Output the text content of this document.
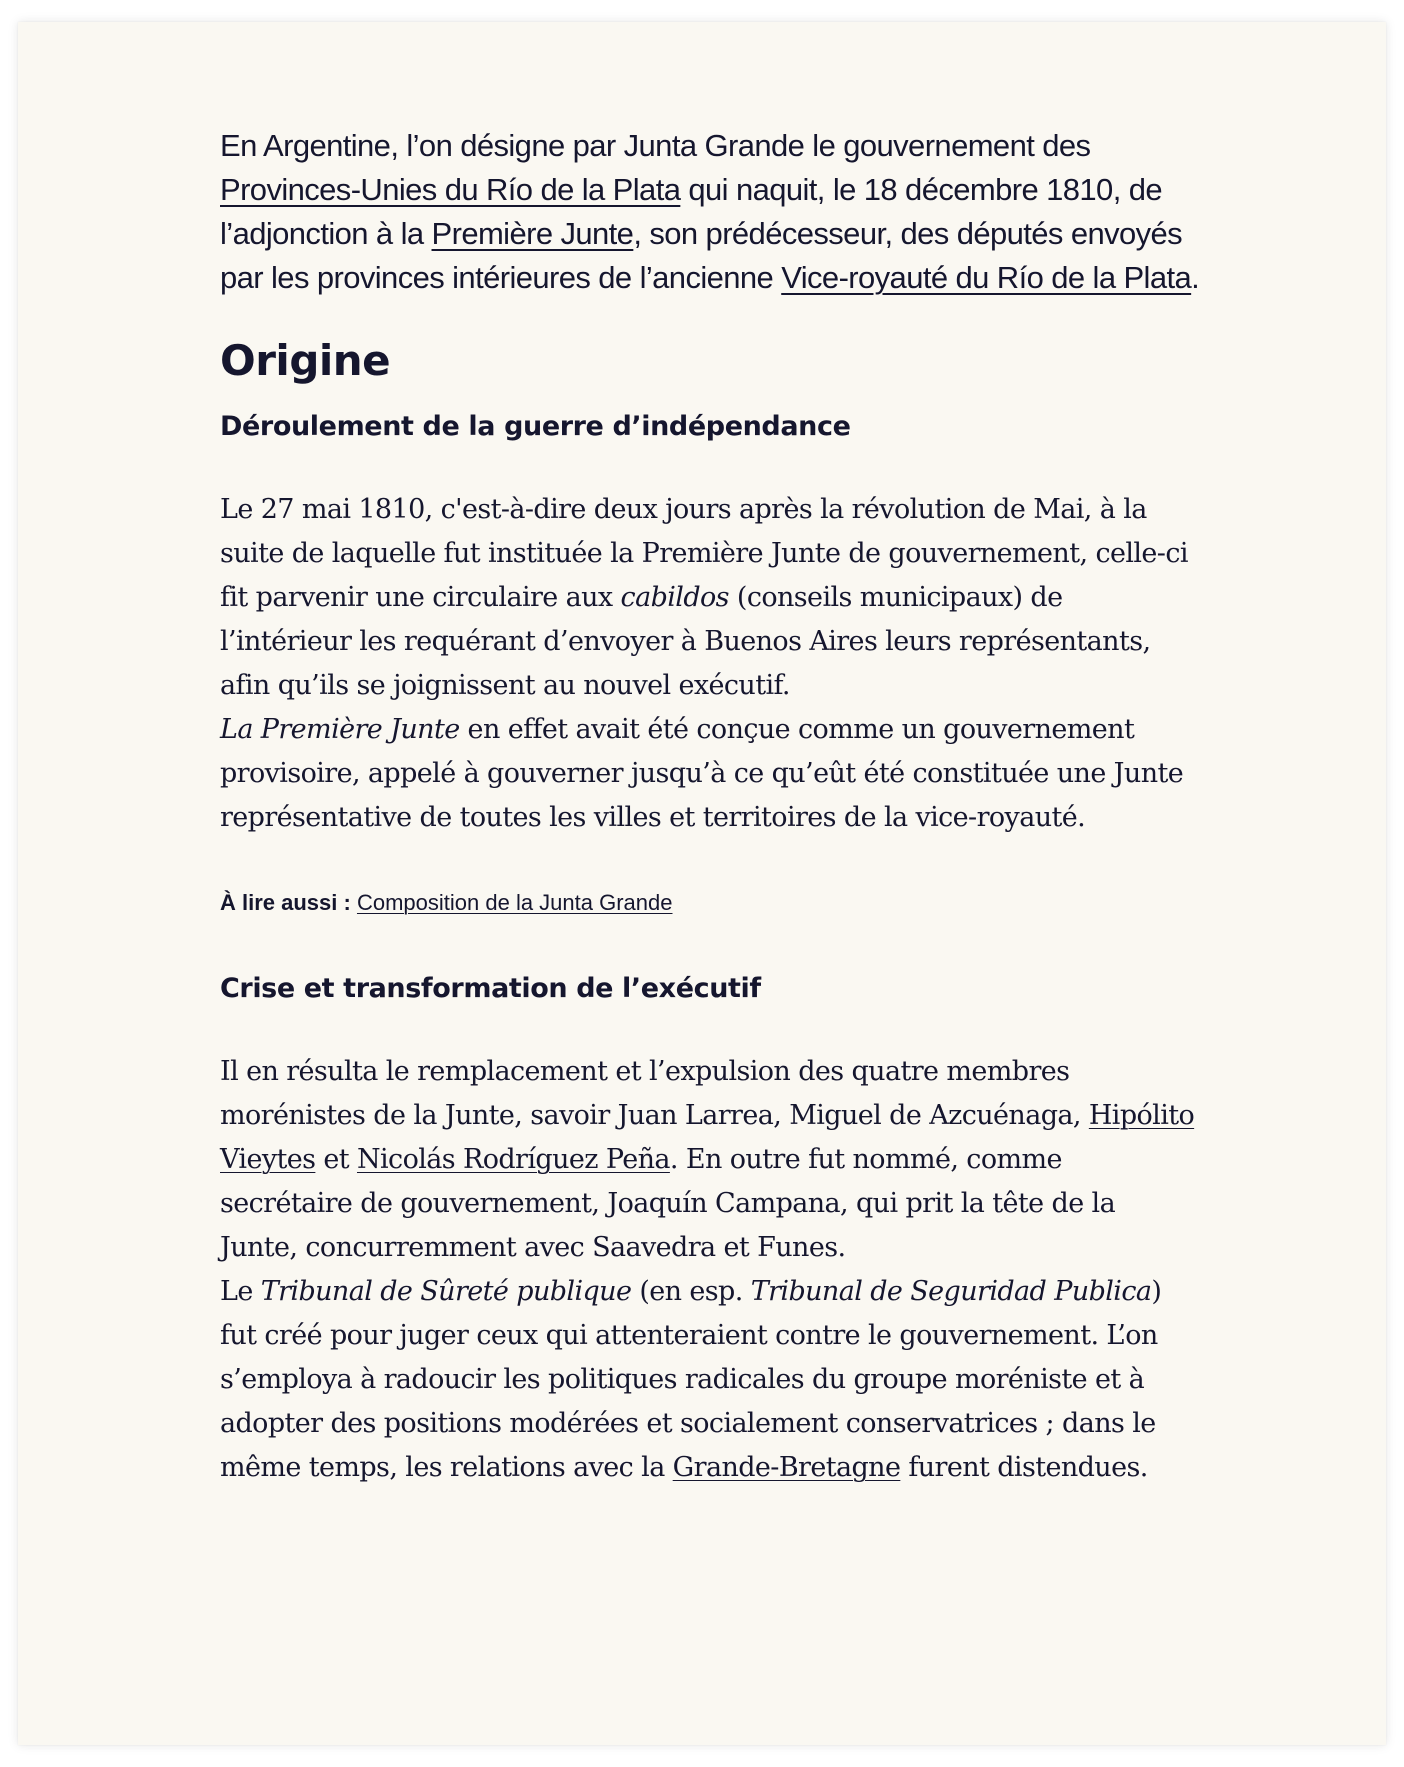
En Argentine, l’on désigne par Junta Grande le gouvernement des Provinces-Unies du Río de la Plata qui naquit, le 18 décembre 1810, de l’adjonction à la Première Junte, son prédécesseur, des députés envoyés par les provinces intérieures de l’ancienne Vice-royauté du Río de la Plata.

Origine
Déroulement de la guerre d’indépendance

Le 27 mai 1810, c'est-à-dire deux jours après la révolution de Mai, à la suite de laquelle fut instituée la Première Junte de gouvernement, celle-ci fit parvenir une circulaire aux cabildos (conseils municipaux) de l’intérieur les requérant d’envoyer à Buenos Aires leurs représentants, afin qu’ils se joignissent au nouvel exécutif.
La Première Junte en effet avait été conçue comme un gouvernement provisoire, appelé à gouverner jusqu’à ce qu’eût été constituée une Junte représentative de toutes les villes et territoires de la vice-royauté.

À lire aussi : Composition de la Junta Grande

Crise et transformation de l’exécutif

Il en résulta le remplacement et l’expulsion des quatre membres morénistes de la Junte, savoir Juan Larrea, Miguel de Azcuénaga, Hipólito Vieytes et Nicolás Rodríguez Peña. En outre fut nommé, comme secrétaire de gouvernement, Joaquín Campana, qui prit la tête de la Junte, concurremment avec Saavedra et Funes.
Le Tribunal de Sûreté publique (en esp. Tribunal de Seguridad Publica) fut créé pour juger ceux qui attenteraient contre le gouvernement. L’on s’employa à radoucir les politiques radicales du groupe moréniste et à adopter des positions modérées et socialement conservatrices ; dans le même temps, les relations avec la Grande-Bretagne furent distendues.
